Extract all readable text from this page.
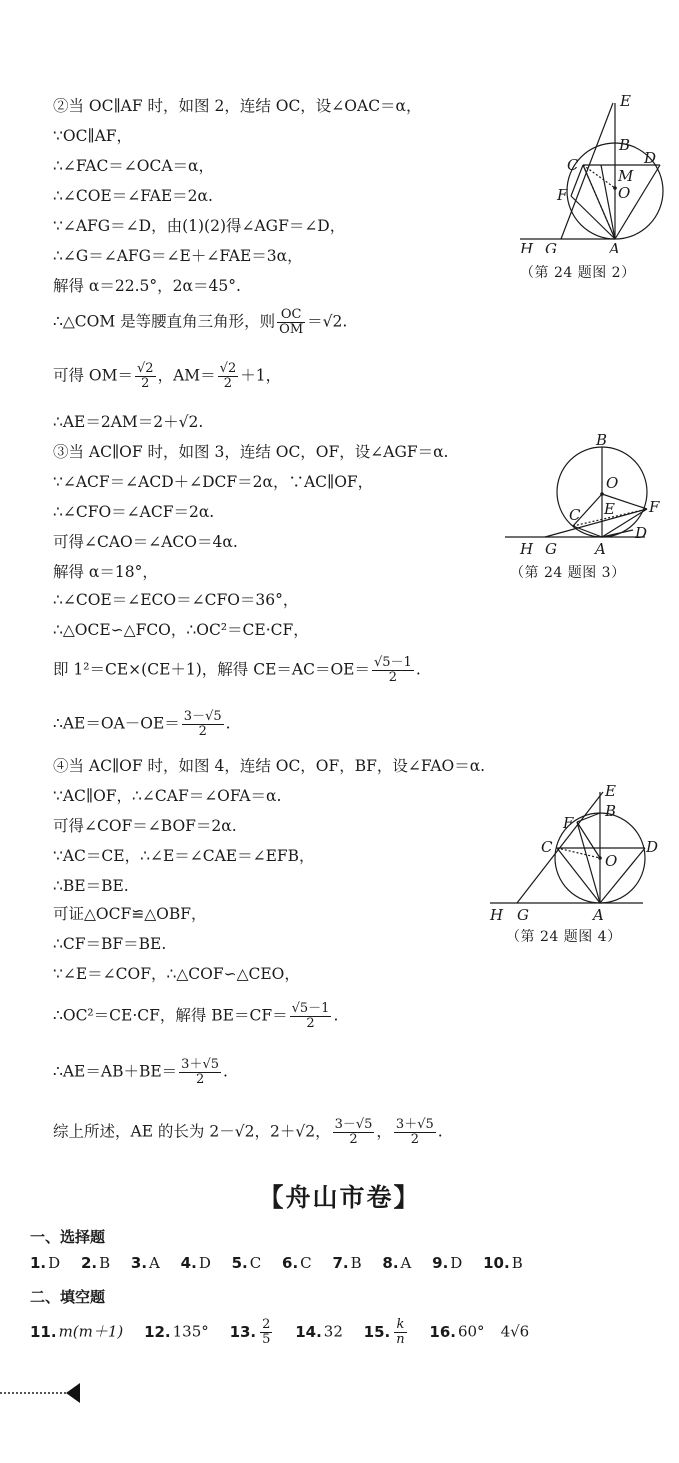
②当 OC∥AF 时，如图 2，连结 OC，设∠OAC＝α，
∵OC∥AF，
∴∠FAC＝∠OCA＝α，
∴∠COE＝∠FAE＝2α.
∵∠AFG＝∠D，由(1)(2)得∠AGF＝∠D，
∴∠G＝∠AFG＝∠E＋∠FAE＝3α，
解得 α＝22.5°，2α＝45°.
∴△COM 是等腰直角三角形，则 $\frac{OC}{OM} =√2$.
可得 $OM= \frac{√2}{2}$ ，$AM= \frac{√2}{2} +1$，
∴AE＝2AM＝2＋√2.
E
B
C	D
M
O
F
H G	A
（第 24 题图 2）
③当 AC∥OF 时，如图 3，连结 OC，OF，设∠AGF＝α.
∵∠ACF＝∠ACD＋∠DCF＝2α，∵AC∥OF，
∴∠CFO＝∠ACF＝2α.
可得∠CAO＝∠ACO＝4α.
解得 α＝18°，
∴∠COE＝∠ECO＝∠CFO＝36°，
∴△OCE∽△FCO，∴OC²＝CE·CF，
即 1²＝CE×(CE＋1)，解得 $CE=AC=OE= \frac{√5-1}{2}$ .
∴AE＝OA－OE＝ $\frac{3-√5}{2}$ .
B
O
E F
C
D
H G	A
（第 24 题图 3）
④当 AC∥OF 时，如图 4，连结 OC，OF，BF，设∠FAO＝α.
∵AC∥OF，∴∠CAF＝∠OFA＝α.
可得∠COF＝∠BOF＝2α.
∵AC＝CE，∴∠E＝∠CAE＝∠EFB，
∴BE＝BE.
可证△OCF≌△OBF，
∴CF＝BF＝BE.
∵∠E＝∠COF，∴△COF∽△CEO，
∴OC²＝CE·CF，解得 $BE=CF= \frac{√5-1}{2}$ .
∴AE＝AB＋BE＝ $\frac{3+√5}{2}$ .
E
B
F
C	D
O
H G	A
（第 24 题图 4）
综上所述，AE 的长为 2－√2，2＋√2， $\frac{3-√5}{2}$ ， $\frac{3+√5}{2}$ .
【舟山市卷】
一、选择题
1. D 2. B 3. A 4. D 5. C 6. C 7. B 8. A 9. D 10. B
二、填空题
11. m(m＋1) 12. 135° 13. $\frac{2}{5} 14$. 32 15. $\frac{k}{n} 16$. 60° 4√6
